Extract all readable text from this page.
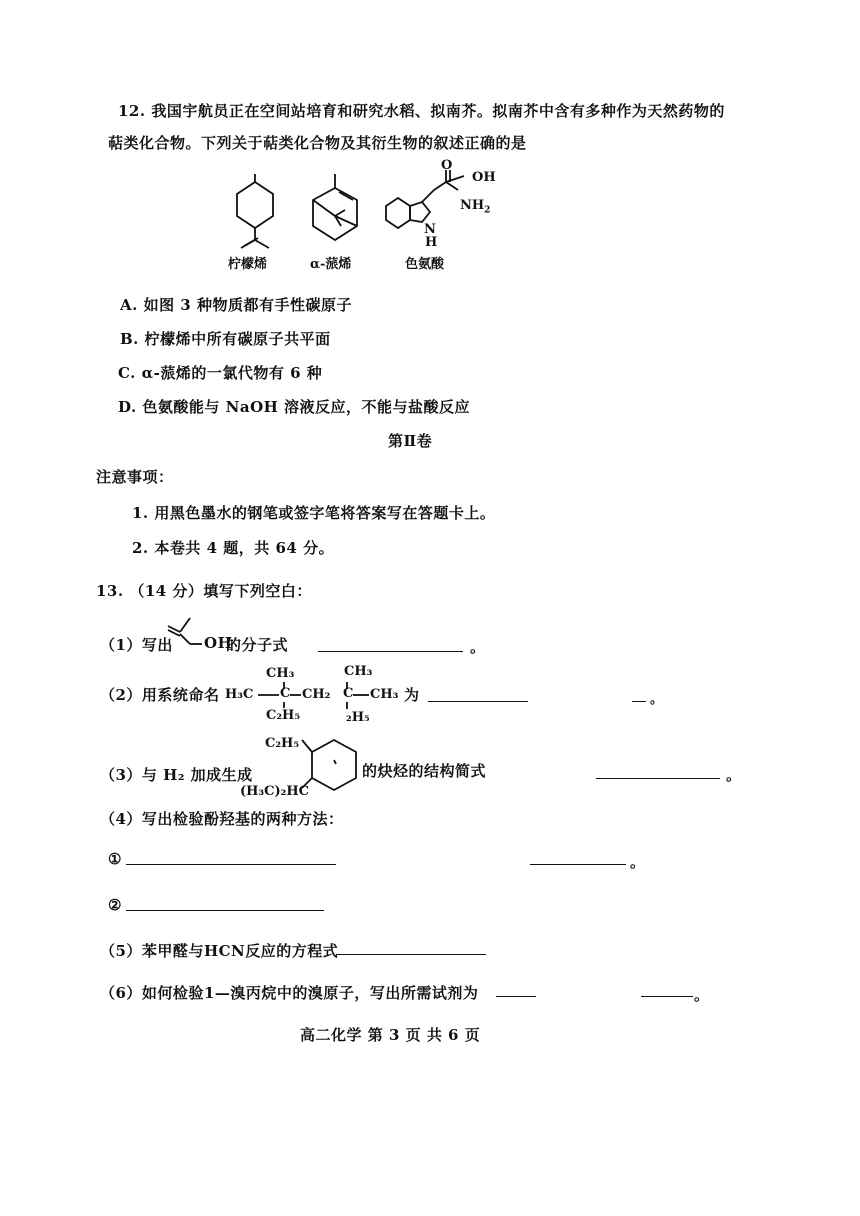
12. 我国宇航员正在空间站培育和研究水稻、拟南芥。拟南芥中含有多种作为天然药物的
萜类化合物。下列关于萜类化合物及其衍生物的叙述正确的是
柠檬烯	α-蒎烯
O
OH
$NH_2$
N
H
色氨酸
A. 如图 3 种物质都有手性碳原子
B. 柠檬烯中所有碳原子共平面
C. α-蒎烯的一氯代物有 6 种
D. 色氨酸能与 NaOH 溶液反应，不能与盐酸反应
第Ⅱ卷
注意事项：
1. 用黑色墨水的钢笔或签字笔将答案写在答题卡上。
2. 本卷共 4 题，共 64 分。
13. （14 分）填写下列空白：
（1）写出 OH
的分子式	。
（2）用系统命名
CH₃	CH₃
H₃C C CH₂ C CH₃
C₂H₅	₂H₅
为	。
（3）与 H₂ 加成生成
C₂H₅
(H₃C)₂HC
的炔烃的结构简式	。
（4）写出检验酚羟基的两种方法：
①	。
②
（5）苯甲醛与HCN反应的方程式
（6）如何检验1—溴丙烷中的溴原子，写出所需试剂为	。
高二化学 第 3 页 共 6 页
